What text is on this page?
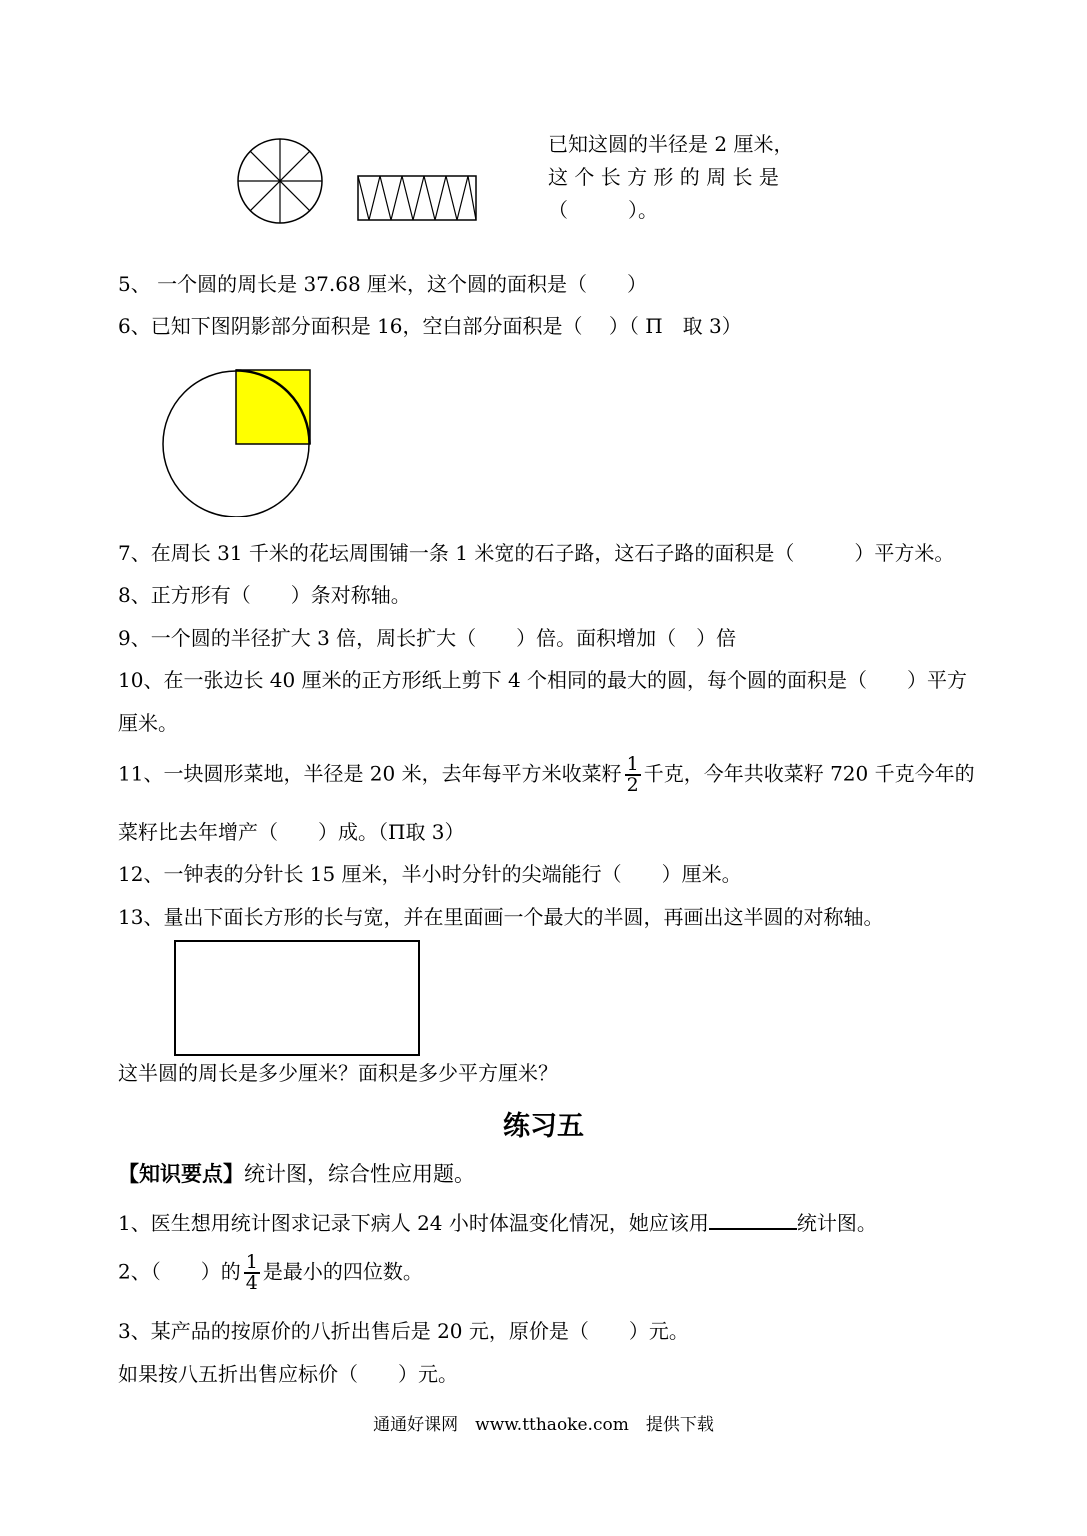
已知这圆的半径是 2 厘米，
这 个 长 方 形 的 周 长 是
（　　　）。
5、 一个圆的周长是 37.68 厘米，这个圆的面积是（　　）
6、已知下图阴影部分面积是 16，空白部分面积是（　 ）（ Π　取 3）
7、在周长 31 千米的花坛周围铺一条 1 米宽的石子路，这石子路的面积是（　　　）平方米。
8、正方形有（　　）条对称轴。
9、一个圆的半径扩大 3 倍，周长扩大（　　）倍。面积增加（　）倍
10、在一张边长 40 厘米的正方形纸上剪下 4 个相同的最大的圆，每个圆的面积是（　　）平方
厘米。
11、一块圆形菜地，半径是 20 米，去年每平方米收菜籽 $\frac{1}{2}$ 千克，今年共收菜籽 720 千克今年的
菜籽比去年增产（　　）成。（Π取 3）
12、一钟表的分针长 15 厘米，半小时分针的尖端能行（　　）厘米。
13、量出下面长方形的长与宽，并在里面画一个最大的半圆，再画出这半圆的对称轴。
这半圆的周长是多少厘米？面积是多少平方厘米？
练习五
【知识要点】统计图，综合性应用题。
1、医生想用统计图求记录下病人 24 小时体温变化情况，她应该用	统计图。
2、（　　）的 $\frac{1}{4}$ 是最小的四位数。
3、某产品的按原价的八折出售后是 20 元，原价是（　　）元。
如果按八五折出售应标价（　　）元。
通通好课网　www.tthaoke.com　提供下载
